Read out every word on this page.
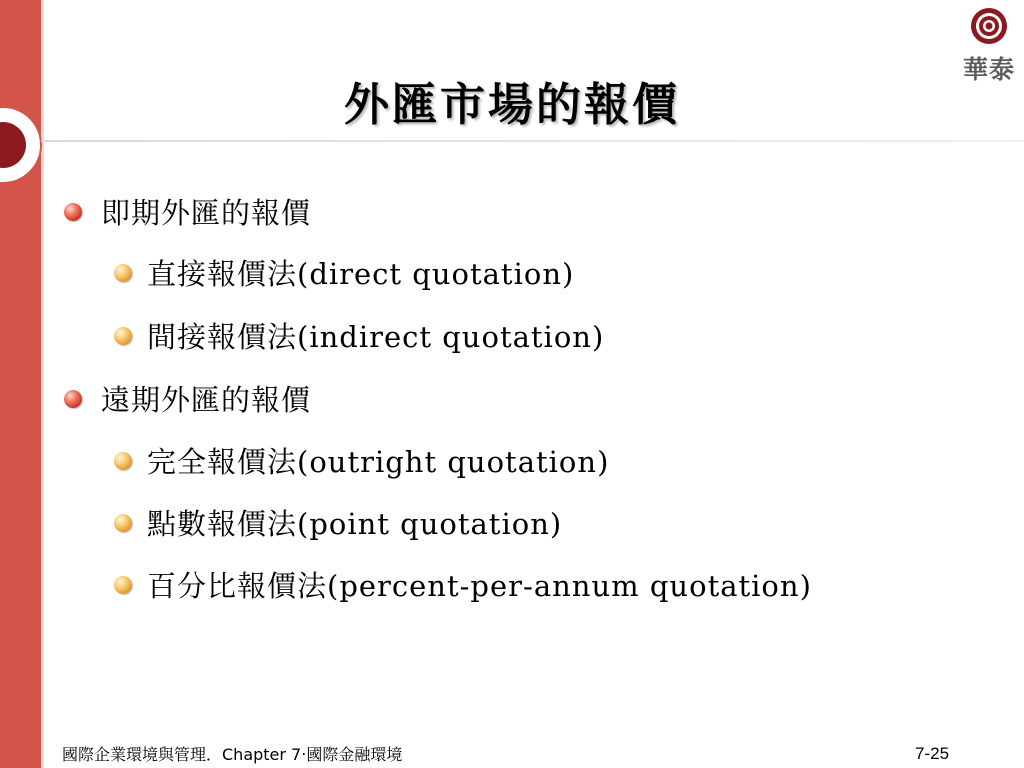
華泰
外匯市場的報價
即期外匯的報價
直接報價法(direct quotation)
間接報價法(indirect quotation)
遠期外匯的報價
完全報價法(outright quotation)
點數報價法(point quotation)
百分比報價法(percent-per-annum quotation)
國際企業環境與管理．Chapter 7‧國際金融環境	7-25
